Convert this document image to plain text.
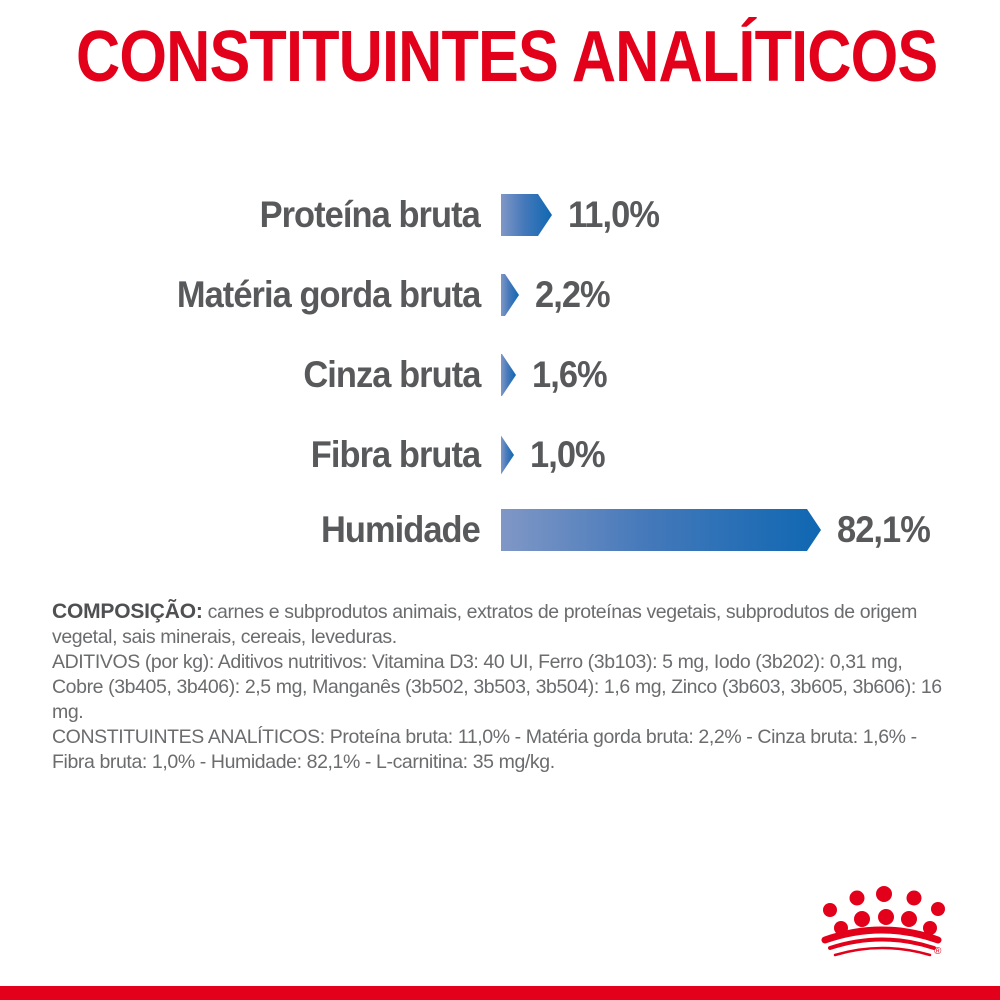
CONSTITUINTES ANALÍTICOS
Proteína bruta 11,0%
Matéria gorda bruta 2,2%
Cinza bruta 1,6%
Fibra bruta 1,0%
Humidade	82,1%

COMPOSIÇÃO: carnes e subprodutos animais, extratos de proteínas vegetais, subprodutos de origem vegetal, sais minerais, cereais, leveduras.

ADITIVOS (por kg): Aditivos nutritivos: Vitamina D3: 40 UI, Ferro (3b103): 5 mg, Iodo (3b202): 0,31 mg, Cobre (3b405, 3b406): 2,5 mg, Manganês (3b502, 3b503, 3b504): 1,6 mg, Zinco (3b603, 3b605, 3b606): 16 mg.

CONSTITUINTES ANALÍTICOS: Proteína bruta: 11,0% - Matéria gorda bruta: 2,2% - Cinza bruta: 1,6% - Fibra bruta: 1,0% - Humidade: 82,1% - L-carnitina: 35 mg/kg.

®
